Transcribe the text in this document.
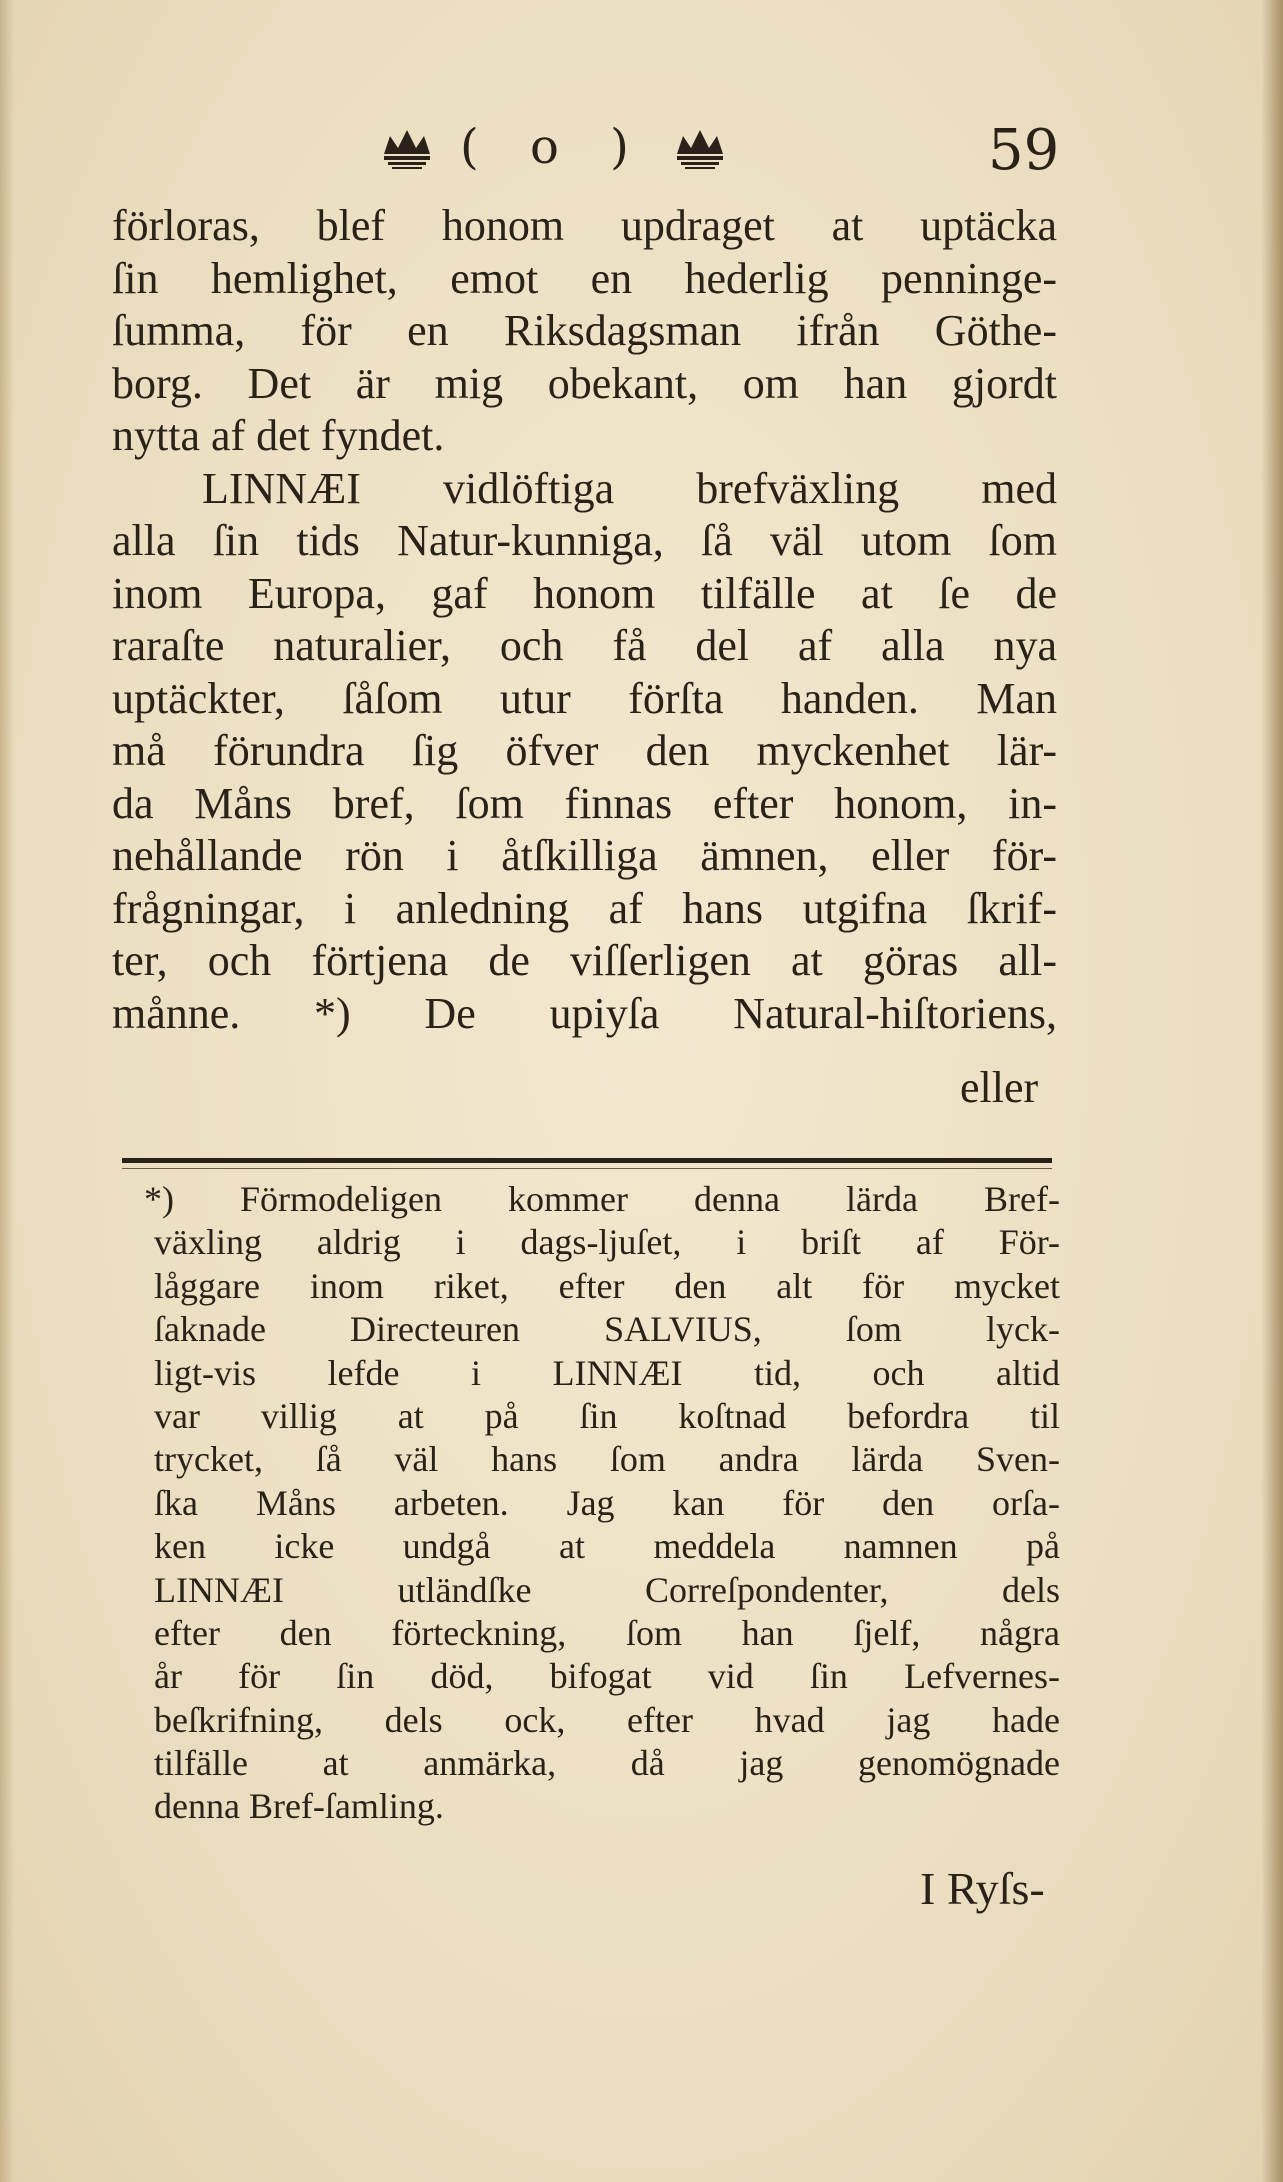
( o )	59
förloras, blef honom updraget at uptäcka
ſin hemlighet, emot en hederlig penninge-
ſumma, för en Riksdagsman ifrån Göthe-
borg. Det är mig obekant, om han gjordt
nytta af det fyndet.
LINNÆI vidlöftiga brefväxling med
alla ſin tids Natur-kunniga, ſå väl utom ſom
inom Europa, gaf honom tilfälle at ſe de
raraſte naturalier, och få del af alla nya
uptäckter, ſåſom utur förſta handen. Man
må förundra ſig öfver den myckenhet lär-
da Måns bref, ſom finnas efter honom, in-
nehållande rön i åtſkilliga ämnen, eller för-
frågningar, i anledning af hans utgifna ſkrif-
ter, och förtjena de viſſerligen at göras all-
månne. *) De upiyſa Natural-hiſtoriens,
eller
*) Förmodeligen kommer denna lärda Bref-
växling aldrig i dags-ljuſet, i briſt af För-
låggare inom riket, efter den alt för mycket
ſaknade Directeuren SALVIUS, ſom lyck-
ligt-vis lefde i LINNÆI tid, och altid
var villig at på ſin koſtnad befordra til
trycket, ſå väl hans ſom andra lärda Sven-
ſka Måns arbeten. Jag kan för den orſa-
ken icke undgå at meddela namnen på
LINNÆI utländſke Correſpondenter, dels
efter den förteckning, ſom han ſjelf, några
år för ſin död, bifogat vid ſin Lefvernes-
beſkrifning, dels ock, efter hvad jag hade
tilfälle at anmärka, då jag genomögnade
denna Bref-ſamling.
I Ryſs-
